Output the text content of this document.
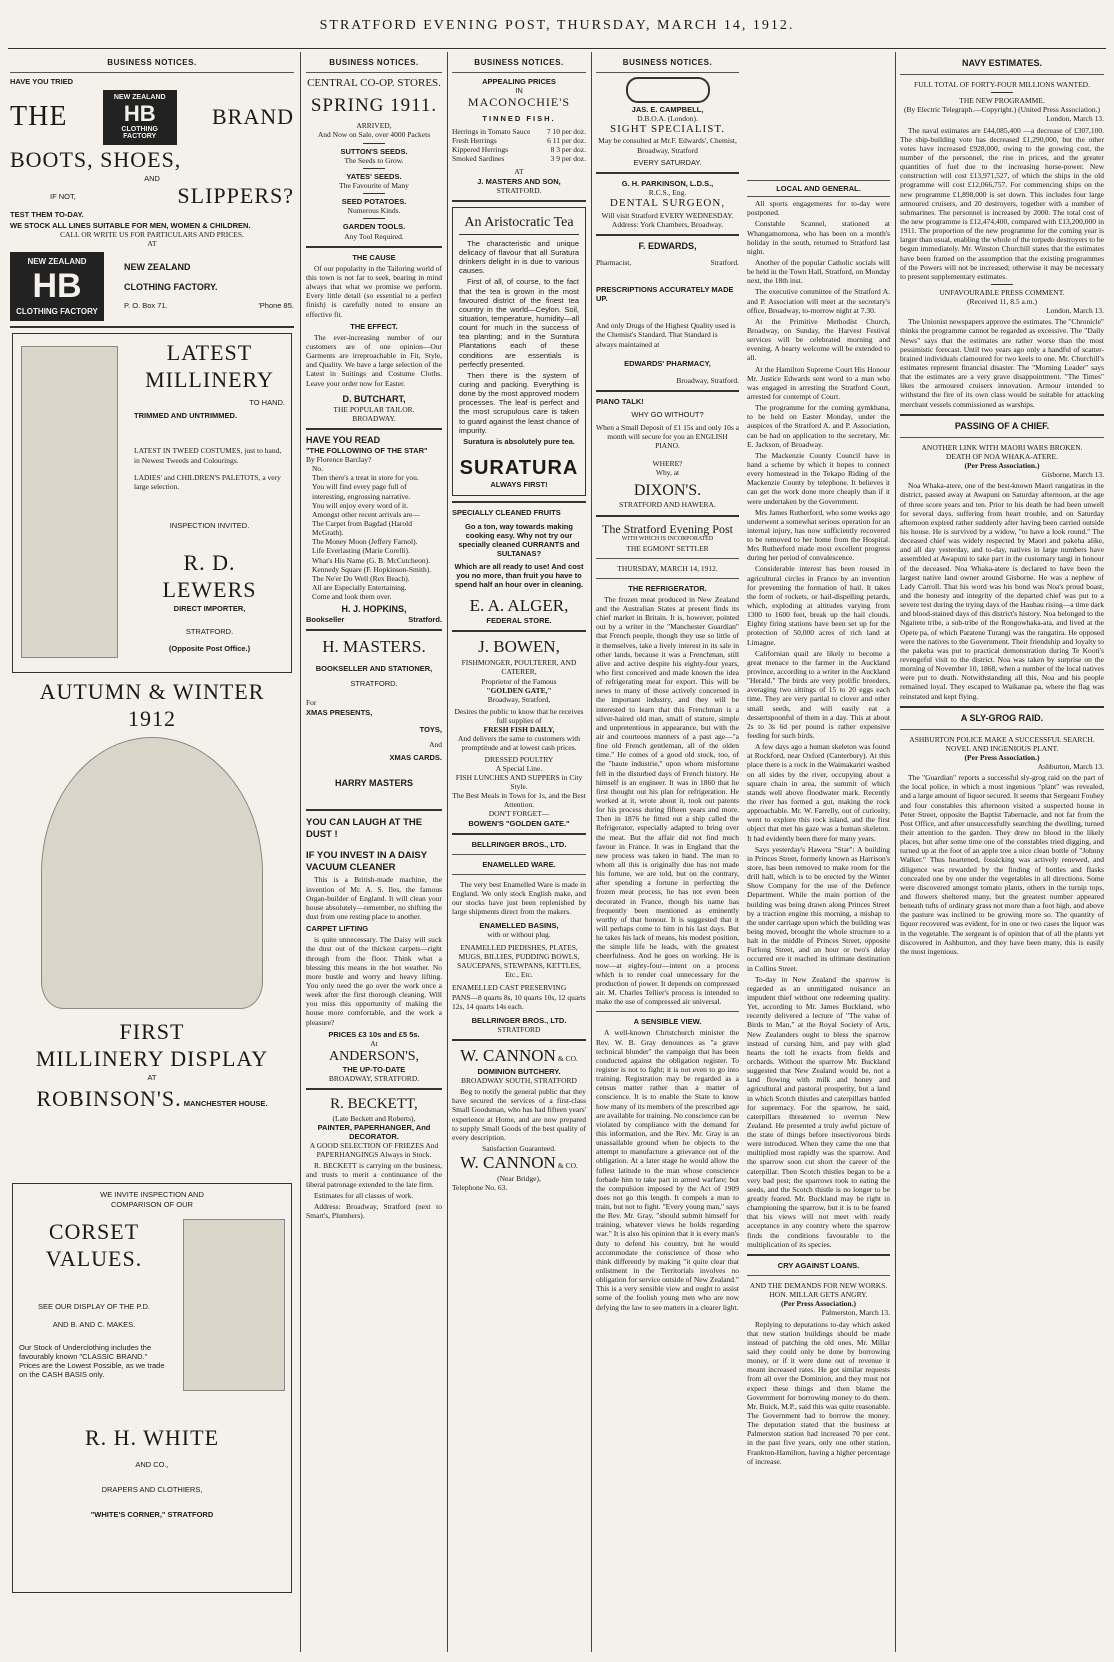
STRATFORD EVENING POST, THURSDAY, MARCH 14, 1912.
BUSINESS NOTICES.
HAVE YOU TRIED
THE
NEW ZEALAND
HB
CLOTHING FACTORY
BRAND
BOOTS, SHOES,
AND
IF NOT,	SLIPPERS?
TEST THEM TO-DAY.
WE STOCK ALL LINES SUITABLE FOR MEN, WOMEN & CHILDREN.
CALL OR WRITE US FOR PARTICULARS AND PRICES.
AT
NEW ZEALAND
HB
CLOTHING FACTORY
NEW ZEALAND
CLOTHING FACTORY.
P. O. Box 71.	'Phone 85.
LATEST
MILLINERY
TO HAND.
TRIMMED AND UNTRIMMED.
LATEST IN TWEED COSTUMES, just to hand, in Newest Tweeds and Colourings.
LADIES' and CHILDREN'S PALETOTS, a very large selection.
INSPECTION INVITED.
R. D. LEWERS
DIRECT IMPORTER,
STRATFORD.
(Opposite Post Office.)
AUTUMN & WINTER
1912
FIRST
MILLINERY DISPLAY
AT
ROBINSON'S. MANCHESTER HOUSE.
WE INVITE INSPECTION AND
COMPARISON OF OUR
CORSET
VALUES.
SEE OUR DISPLAY OF THE P.D.
AND B. AND C. MAKES.
Our Stock of Underclothing includes the favourably known "CLASSIC BRAND." Prices are the Lowest Possible, as we trade on the CASH BASIS only.
R. H. WHITE
AND CO.,
DRAPERS AND CLOTHIERS,
"WHITE'S CORNER," STRATFORD
BUSINESS NOTICES.
CENTRAL CO-OP. STORES.
SPRING 1911.
ARRIVED,
And Now on Sale, over 4000 Packets
SUTTON'S SEEDS.
The Seeds to Grow.
YATES' SEEDS.
The Favourite of Many
SEED POTATOES.
Numerous Kinds.
GARDEN TOOLS.
Any Tool Required.
THE CAUSE
Of our popularity in the Tailoring world of this town is not far to seek, bearing in mind always that what we promise we perform. Every little detail (so essential to a perfect finish) is carefully noted to ensure an effective fit.
THE EFFECT.
The ever-increasing number of our customers are of one opinion—Our Garments are irreproachable in Fit, Style, and Quality. We have a large selection of the Latest in Suitings and Costume Cloths. Leave your order now for Easter.
D. BUTCHART,
THE POPULAR TAILOR.
BROADWAY.
HAVE YOU READ
"THE FOLLOWING OF THE STAR"
By Florence Barclay?
No.
Then there's a treat in store for you.
You will find every page full of interesting, engrossing narrative.
You will enjoy every word of it.
Amongst other recent arrivals are—
The Carpet from Bagdad (Harold McGrath).
The Money Moon (Jeffery Farnol).
Life Everlasting (Marie Corelli).
What's His Name (G. B. McCutcheon).
Kennedy Square (F. Hopkinson-Smith).
The Ne'er Do Well (Rex Beach).
All are Especially Entertaining.
Come and look them over.
H. J. HOPKINS,
Bookseller	Stratford.
H. MASTERS.
BOOKSELLER AND STATIONER,
STRATFORD.
For
XMAS PRESENTS,
TOYS,
And
XMAS CARDS.
HARRY MASTERS
YOU CAN LAUGH AT THE DUST !
IF YOU INVEST IN A DAISY VACUUM CLEANER
This is a British-made machine, the invention of Mr. A. S. Iles, the famous Organ-builder of England. It will clean your house absolutely—remember, no shifting the dust from one resting place to another.
CARPET LIFTING
is quite unnecessary. The Daisy will suck the dust out of the thickest carpets—right through from the floor. Think what a blessing this means in the hot weather. No more bustle and worry and heavy lifting. You only need the go over the work once a week after the first thorough cleaning. Will you miss this opportunity of making the house more comfortable, and the work a pleasure?
PRICES £3 10s and £5 5s.
At
ANDERSON'S,
THE UP-TO-DATE
BROADWAY, STRATFORD.
R. BECKETT,
(Late Beckett and Roberts),
PAINTER, PAPERHANGER, And DECORATOR.
A GOOD SELECTION OF FRIEZES And PAPERHANGINGS Always in Stock.
R. BECKETT is carrying on the business, and trusts to merit a continuance of the liberal patronage extended to the late firm.
Estimates for all classes of work.
Address: Broadway, Stratford (next to Smart's, Plumbers).
BUSINESS NOTICES.
APPEALING PRICES
IN
MACONOCHIE'S
TINNED FISH.
Herrings in Tomato Sauce 7 10 per doz.
Fresh Herrings	6 11 per doz.
Kippered Herrings	8 3 per doz.
Smoked Sardines	3 9 per doz.
AT
J. MASTERS AND SON,
STRATFORD.
An Aristocratic Tea
The characteristic and unique delicacy of flavour that all Suratura drinkers delight in is due to various causes.
First of all, of course, to the fact that the tea is grown in the most favoured district of the finest tea country in the world—Ceylon. Soil, situation, temperature, humidity—all count for much in the success of tea planting; and in the Suratura Plantations each of these conditions are essentials is perfectly presented.
Then there is the system of curing and packing. Everything is done by the most approved modern processes. The leaf is perfect and the most scrupulous care is taken to guard against the least chance of impurity.
Suratura is absolutely pure tea.
SURATURA
ALWAYS FIRST!
SPECIALLY CLEANED FRUITS
Go a ton, way towards making cooking easy. Why not try our specially cleaned CURRANTS and SULTANAS?
Which are all ready to use! And cost you no more, than fruit you have to spend half an hour over in cleaning.
E. A. ALGER,
FEDERAL STORE.
J. BOWEN,
FISHMONGER, POULTERER, AND CATERER,
Proprietor of the Famous
"GOLDEN GATE,"
Broadway, Stratford,
Desires the public to know that he receives full supplies of
FRESH FISH DAILY,
And delivers the same to customers with promptitude and at lowest cash prices.
DRESSED POULTRY
A Special Line.
FISH LUNCHES AND SUPPERS in City Style.
The Best Meals in Town for 1s, and the Best Attention.
DON'T FORGET—
BOWEN'S "GOLDEN GATE."
BELLRINGER BROS., LTD.
ENAMELLED WARE.
The very best Enamelled Ware is made in England. We only stock English make, and our stocks have just been replenished by large shipments direct from the makers.
ENAMELLED BASINS,
with or without plug.
ENAMELLED PIEDISHES, PLATES, MUGS, BILLIES, PUDDING BOWLS, SAUCEPANS, STEWPANS, KETTLES, Etc., Etc.
ENAMELLED CAST PRESERVING PANS—8 quarts 8s, 10 quarts 10s, 12 quarts 12s, 14 quarts 14s each.
BELLRINGER BROS., LTD.
STRATFORD
W. CANNON & CO.
DOMINION BUTCHERY.
BROADWAY SOUTH, STRATFORD
Beg to notify the general public that they have secured the services of a first-class Small Goodsman, who has had fifteen years' experience at Home, and are now prepared to supply Small Goods of the best quality of every description.
Satisfaction Guaranteed.
W. CANNON & CO.
(Near Bridge),
Telephone No. 63.
BUSINESS NOTICES.
JAS. E. CAMPBELL,
D.B.O.A. (London).
SIGHT SPECIALIST.
May be consulted at Mr.F. Edwards', Chemist, Broadway, Stratford
EVERY SATURDAY.
G. H. PARKINSON, L.D.S.,
R.C.S., Eng.
DENTAL SURGEON,
Will visit Stratford EVERY WEDNESDAY.
Address: York Chambers, Broadway.
F. EDWARDS,
Pharmacist,	Stratford.
PRESCRIPTIONS ACCURATELY MADE UP.
And only Drugs of the Highest Quality used is the Chemist's Standard. That Standard is always maintained at
EDWARDS' PHARMACY,
Broadway, Stratford.
PIANO TALK!
WHY GO WITHOUT?
When a Small Deposit of £1 15s and only 10s a month will secure for you an ENGLISH PIANO.
WHERE?
Why, at
DIXON'S.
STRATFORD AND HAWERA.
The Stratford Evening Post
WITH WHICH IS INCORPORATED
THE EGMONT SETTLER
THURSDAY, MARCH 14, 1912.
THE REFRIGERATOR.
The frozen meat produced in New Zealand and the Australian States at present finds its chief market in Britain. It is, however, pointed out by a writer in the "Manchester Guardian" that French people, though they use so little of it themselves, take a lively interest in its sale in other lands, because it was a Frenchman, still alive and active despite his eighty-four years, who first conceived and made known the idea of refrigerating meat for export. This will be news to many of those actively concerned in the important industry, and they will be interested to learn that this Frenchman is a silver-haired old man, small of stature, simple and unpretentious in appearance, but with the air and courteous manners of a past age—"a fine old French gentleman, all of the olden time." He comes of a good old stock, too, of the "haute industrie," upon whom misfortune fell in the disturbed days of French history. He himself is an engineer. It was in 1860 that he first thought out his plan for refrigeration. He worked at it, wrote about it, took out patents for his process during fifteen years and more. Then in 1876 he fitted out a ship called the Refrigerator, especially adapted to bring over the meat. But the affair did not find much favour in France. It was in England that the new process was taken in hand. The man to whom all this is originally due has not made his fortune, we are told, but on the contrary, after spending a fortune in perfecting the frozen meat process, he has not even been decorated in France, though his name has frequently been mentioned as eminently worthy of that honour. It is suggested that it will perhaps come to him in his last days. But he takes his lack of means, his modest position, the simple life he leads, with the greatest cheerfulness. And he goes on working. He is now—at eighty-four—intent on a process which is to render coal unnecessary for the production of power. It depends on compressed air. M. Charles Tellier's process is intended to make the use of compressed air universal.
A SENSIBLE VIEW.
A well-known Christchurch minister the Rev. W. B. Gray denounces as "a grave technical blunder" the campaign that has been conducted against the obligation register. To register is not to fight; it is not even to go into training. Registration may be regarded as a census matter rather than a matter of conscience. It is to enable the State to know how many of its members of the prescribed age are available for training. No conscience can be violated by compliance with the demand for this information, and the Rev. Mr. Gray is an unassailable ground when he objects to the attempt to manufacture a grievance out of the obligation. At a later stage he would allow the fullest latitude to the man whose conscience forbade him to take part in armed warfare; but the compulsion imposed by the Act of 1909 does not go this length. It compels a man to train, but not to fight. "Every young man," says the Rev. Mr. Gray, "should submit himself for training, whatever views he holds regarding war." It is also his opinion that it is every man's duty to defend his country, but he would accommodate the conscience of those who think differently by making "it quite clear that enlistment in the Territorials involves no obligation for service outside of New Zealand." This is a very sensible view and ought to assist some of the foolish young men who are now defying the law to see matters in a clearer light.
LOCAL AND GENERAL.
All sports engagements for to-day were postponed.
Constable Scannel, stationed at Whangamomona, who has been on a month's holiday in the south, returned to Stratford last night.
Another of the popular Catholic socials will be held in the Town Hall, Stratford, on Monday next, the 18th inst.
The executive committee of the Stratford A. and P. Association will meet at the secretary's office, Broadway, to-morrow night at 7.30.
At the Primitive Methodist Church, Broadway, on Sunday, the Harvest Festival services will be celebrated morning and evening. A hearty welcome will be extended to all.
At the Hamilton Supreme Court His Honour Mr. Justice Edwards sent word to a man who was engaged in arresting the Stratford Court, arrested for contempt of Court.
The programme for the coming gymkhana, to be held on Easter Monday, under the auspices of the Stratford A. and P. Association, can be had on application to the secretary, Mr. E. Jackson, of Broadway.
The Mackenzie County Council have in hand a scheme by which it hopes to connect every homestead in the Tekapo Riding of the Mackenzie County by telephone. It believes it can get the work done more cheaply than if it were undertaken by the Government.
Mrs James Rutherford, who some weeks ago underwent a somewhat serious operation for an internal injury, has now sufficiently recovered to be removed to her home from the Hospital. Mrs Rutherford made most excellent progress during her period of convalescence.
Considerable interest has been roused in agricultural circles in France by an invention for preventing the formation of hail. It takes the form of rockets, or hail-dispelling petards, which, exploding at altitudes varying from 1300 to 1600 feet, break up the hail clouds. Eighty firing stations have been set up for the protection of 50,000 acres of rich land at Limagne.
Californian quail are likely to become a great menace to the farmer in the Auckland province, according to a writer in the Auckland "Herald." The birds are very prolific breeders, averaging two sittings of 15 to 20 eggs each time. They are very partial to clover and other small seeds, and will easily eat a dessertspoonful of them in a day. This at about 2s to 3s 6d per pound is rather expensive feeding for such birds.
A few days ago a human skeleton was found at Rockford, near Oxford (Canterbury). At this place there is a rock in the Waimakariri washed on all sides by the river, occupying about a square chain in area, the summit of which stands well above floodwater mark. Recently the river has formed a gut, making the rock approachable. Mr. W. Farrelly, out of curiosity, went to explore this rock island, and the first object that met his gaze was a human skeleton. It had evidently been there for many years.
Says yesterday's Hawera "Star": A building in Princes Street, formerly known as Harrison's store, has been removed to make room for the drill hall, which is to be erected by the Winter Show Company for the use of the Defence Department. While the main portion of the building was being drawn along Princes Street by a traction engine this morning, a mishap to the under carriage upon which the building was being moved, brought the whole structure to a halt in the middle of Princes Street, opposite Furlong Street, and an hour or two's delay occurred ere it reached its ultimate destination in Collins Street.
To-day in New Zealand the sparrow is regarded as an unmitigated nuisance an impudent thief without one redeeming quality. Yet, according to Mr. James Buckland, who recently delivered a lecture of "The value of Birds to Man," at the Royal Society of Arts, New Zealanders ought to bless the sparrow instead of cursing him, and pay with glad hearts the toll he exacts from fields and orchards. Without the sparrow Mr. Buckland suggested that New Zealand would be, not a land flowing with milk and honey and agricultural and pastoral prosperity, but a land in which Scotch thistles and caterpillars battled for supremacy. For the sparrow, he said, caterpillars threatened to overrun New Zealand. He presented a truly awful picture of the state of things before insectivorous birds were introduced. When they came the one that multiplied most rapidly was the sparrow. And the sparrow soon cut short the career of the caterpillar. Then Scotch thistles began to be a very bad pest; the sparrows took to eating the seeds, and the Scotch thistle is no longer to be greatly feared. Mr. Buckland may be right in championing the sparrow, but it is to be feared that his views will not meet with ready acceptance in any country where the sparrow finds the conditions favourable to the multiplication of its species.
CRY AGAINST LOANS.
AND THE DEMANDS FOR NEW WORKS.
HON. MILLAR GETS ANGRY.
(Per Press Association.)
Palmerston, March 13.
Replying to deputations to-day which asked that new station buildings should be made instead of patching the old ones, Mr. Millar said they could only be done by borrowing money, or if it were done out of revenue it meant increased rates. He got similar requests from all over the Dominion, and they must not expect these things and then blame the Government for borrowing money to do them. Mr. Buick, M.P., said this was quite reasonable. The Government had to borrow the money. The deputation stated that the business at Palmerston station had increased 70 per cent. in the past five years, only one other station, Frankton-Hamilton, having a higher percentage of increase.
NAVY ESTIMATES.
FULL TOTAL OF FORTY-FOUR MILLIONS WANTED.
THE NEW PROGRAMME.
(By Electric Telegraph.—Copyright.) (United Press Association.)
London, March 13.
The naval estimates are £44,085,400 —a decrease of £307,100. The ship-building vote has decreased £1,290,000, but the other votes have increased £928,000, owing to the growing cost, the number of the personnel, the rise in prices, and the greater quantities of fuel due to the increasing horse-power. New construction will cost £13,971,527, of which the ships in the old programme will cost £12,066,757. For commencing ships on the new programme £1,898,000 is set down. This includes four large armoured cruisers, and 20 destroyers, together with a number of submarines. The personnel is increased by 2000. The total cost of the new programme is £12,474,400, compared with £13,200,000 in 1911. The proportion of the new programme for the coming year is larger than usual, enabling the whole of the torpedo destroyers to be begun immediately. Mr. Winston Churchill states that the estimates have been framed on the assumption that the existing programmes of the Powers will not be increased; otherwise it may be necessary to present supplementary estimates.
UNFAVOURABLE PRESS COMMENT.
(Received 11, 8.5 a.m.)
London, March 13.
The Unionist newspapers approve the estimates. The "Chronicle" thinks the programme cannot be regarded as excessive. The "Daily News" says that the estimates are rather worse than the most pessimistic forecast. Until two years ago only a handful of scatter-brained individuals clamoured for two keels to one. Mr. Churchill's estimates represent financial disaster. The "Morning Leader" says that the estimates are a very grave disappointment. "The Times" likes the armoured cruisers innovation. Armour intended to withstand the fire of its own class would be suitable for attacking merchant vessels commissioned as warships.
PASSING OF A CHIEF.
ANOTHER LINK WITH MAORI WARS BROKEN.
DEATH OF NOA WHAKA-ATERE.
(Per Press Association.)
Gisborne, March 13.
Noa Whaka-atere, one of the best-known Maori rangatiras in the district, passed away at Awapuni on Saturday afternoon, at the age of three score years and ten. Prior to his death he had been unwell for several days, suffering from heart trouble, and on Saturday afternoon expired rather suddenly after having been carried outside his house. He is survived by a widow, "to have a look round." The deceased chief was widely respected by Maori and pakeha alike, and all day yesterday, and to-day, natives in large numbers have assembled at Awapuni to take part in the customary tangi in honour of the deceased. Noa Whaka-atere is declared to have been the largest native land owner around Gisborne. He was a nephew of Lady Carroll. That his word was his bond was Noa's proud boast, and the honesty and integrity of the departed chief was put to a severe test during the trying days of the Hauhau rising—a time dark and blood-stained days of this district's history. Noa belonged to the Ngaitete tribe, a sub-tribe of the Rongowhaka-ata, and lived at the Opete pa, of which Paratene Turangi was the rangatira. He opposed were the natives to the Government. Their friendship and loyalty to the pakeha was put to practical demonstration during Te Kooti's revengeful visit to the district. Noa was taken by surprise on the morning of November 10, 1868, when a number of the local natives were put to death. Notwithstanding all this, Noa and his people remained loyal. They escaped to Waikanae pa, where the flag was reinstated and kept flying.
A SLY-GROG RAID.
ASHBURTON POLICE MAKE A SUCCESSFUL SEARCH.
NOVEL AND INGENIOUS PLANT.
(Per Press Association.)
Ashburton, March 13.
The "Guardian" reports a successful sly-grog raid on the part of the local police, in which a most ingenious "plant" was revealed, and a large amount of liquor secured. It seems that Sergeant Fouhey and four constables this afternoon visited a suspected house in Peter Street, opposite the Baptist Tabernacle, and not far from the Post Office, and after unsuccessfully searching the dwelling, turned their attention to the garden. They drew no blood in the likely places, but after some time one of the constables tried digging, and turned up at the foot of an apple tree a nice clean bottle of "Johnny Walker." Thus heartened, fossicking was actively renewed, and diligence was rewarded by the finding of bottles and flasks concealed one by one under the vegetables in all directions. Some were discovered amongst tomato plants, others in the turnip tops, and flowers sheltered many, but the greatest number appeared beneath tufts of ordinary grass not more than a foot high, and above the pasture was inclined to be growing more so. The quantity of liquor recovered was evident, for in one or two cases the liquor was in the vegetable. The sergeant is of opinion that of all the plants yet discovered in Ashburton, and they have been many, this is easily the most ingenious.
